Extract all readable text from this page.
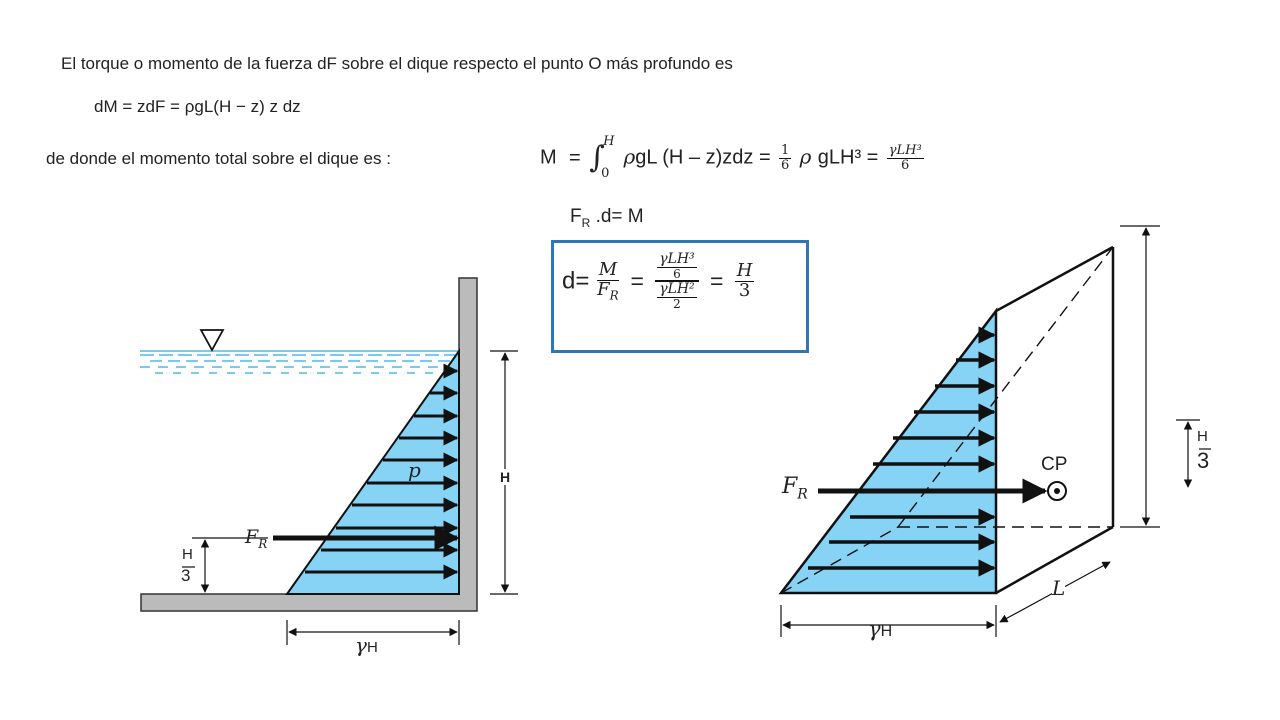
El torque o momento de la fuerza dF sobre el dique respecto el punto O más profundo es
dM = zdF = ρgL(H − z) z dz
de donde el momento total sobre el dique es :	M = ∫
H
0
ρgL $(H - z)zdz = \frac{1}{6}$ ρ $gLH^3 = \frac{\text{γLH³}}{6}$
$F_R$ .d= M
$d= \frac{M}{F_R} = \frac{\frac{\text{γLH³}}{6}}{\frac{\text{γLH²}}{2}} = \frac{H}{3}$
p
$F_R$
H
H
3
γH
$F_R$
CP
H
3
γH
L
